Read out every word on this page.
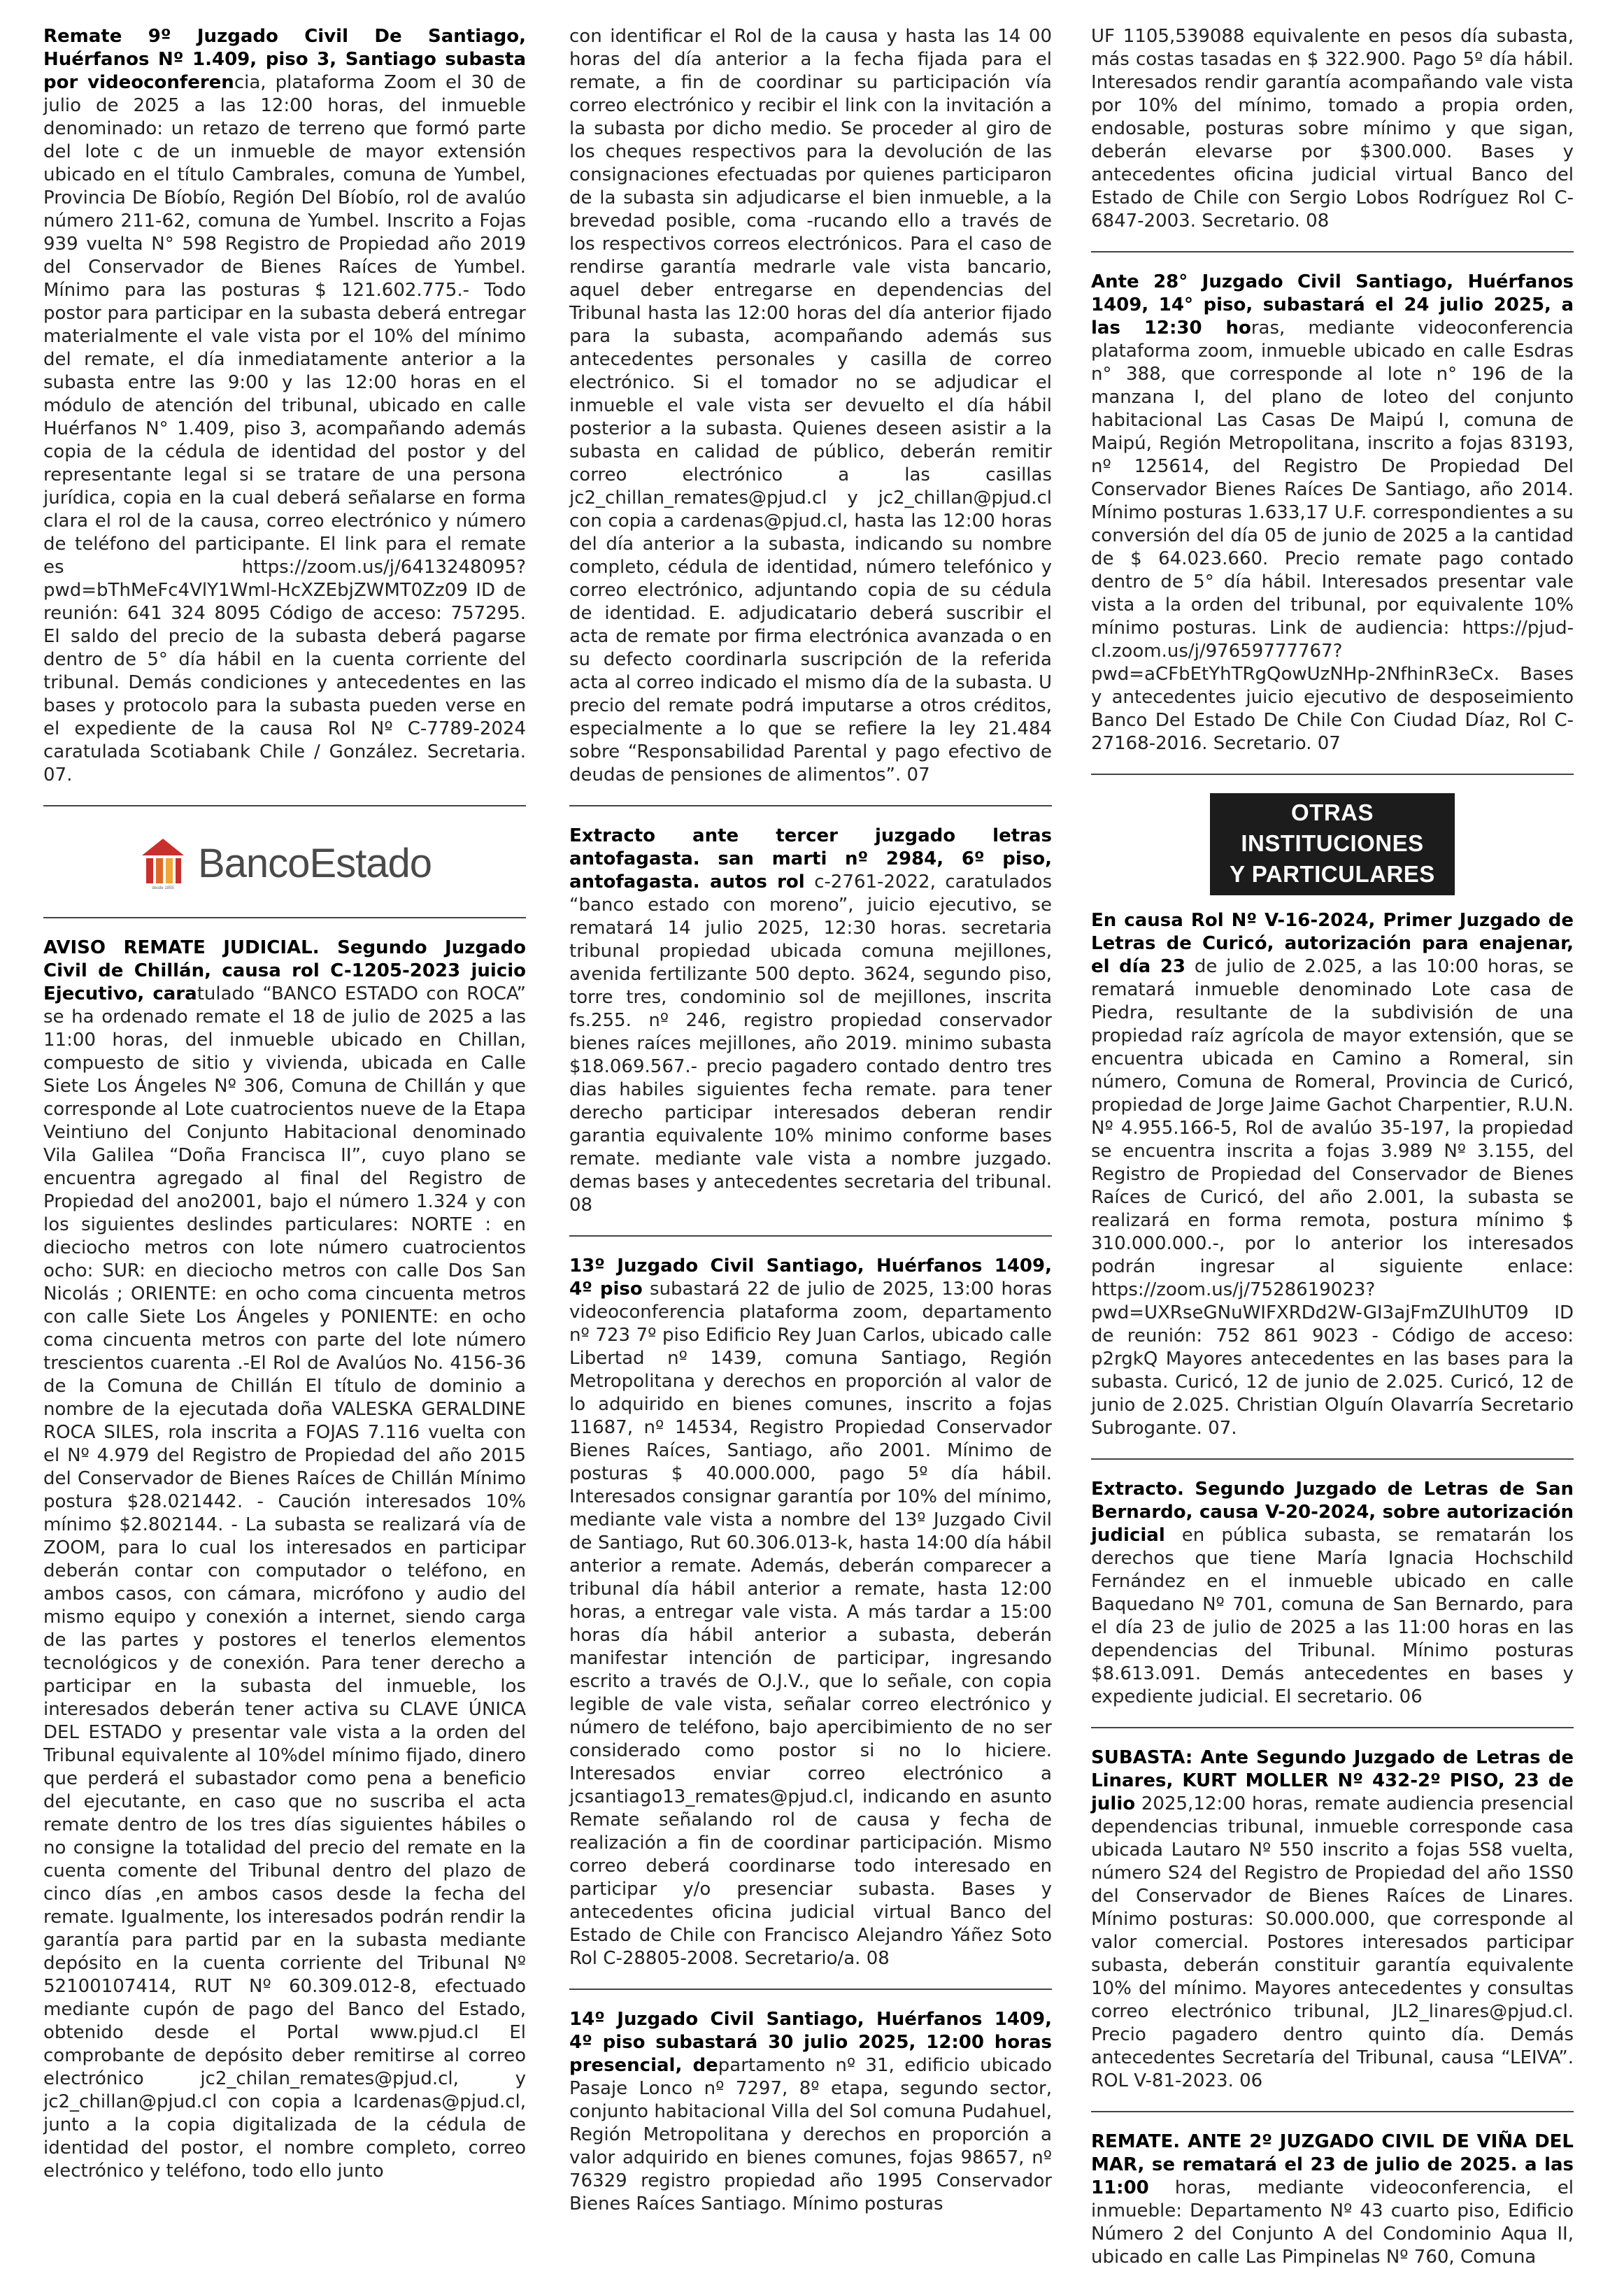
Remate 9º Juzgado Civil De Santiago, Huérfanos Nº 1.409, piso 3, Santiago subasta por videoconferencia, plataforma Zoom el 30 de julio de 2025 a las 12:00 horas, del inmueble denominado: un retazo de terreno que formó parte del lote c de un inmueble de mayor extensión ubicado en el título Cambrales, comuna de Yumbel, Provincia De Bíobío, Región Del Bíobío, rol de avalúo número 211-62, comuna de Yumbel. Inscrito a Fojas 939 vuelta N° 598 Registro de Propiedad año 2019 del Conservador de Bienes Raíces de Yumbel. Mínimo para las posturas $ 121.602.775.- Todo postor para participar en la subasta deberá entregar materialmente el vale vista por el 10% del mínimo del remate, el día inmediatamente anterior a la subasta entre las 9:00 y las 12:00 horas en el módulo de atención del tribunal, ubicado en calle Huérfanos N° 1.409, piso 3, acompañando además copia de la cédula de identidad del postor y del representante legal si se tratare de una persona jurídica, copia en la cual deberá señalarse en forma clara el rol de la causa, correo electrónico y número de teléfono del participante. El link para el remate es https://zoom.us/j/6413248095?pwd=bThMeFc4VlY1Wml-HcXZEbjZWMT0Zz09 ID de reunión: 641 324 8095 Código de acceso: 757295. El saldo del precio de la subasta deberá pagarse dentro de 5° día hábil en la cuenta corriente del tribunal. Demás condiciones y antecedentes en las bases y protocolo para la subasta pueden verse en el expediente de la causa Rol Nº C-7789-2024 caratulada Scotiabank Chile / González. Secretaria. 07.

desde 1855
BancoEstado

AVISO REMATE JUDICIAL. Segundo Juzgado Civil de Chillán, causa rol C-1205-2023 juicio Ejecutivo, caratulado “BANCO ESTADO con ROCA” se ha ordenado remate el 18 de julio de 2025 a las 11:00 horas, del inmueble ubicado en Chillan, compuesto de sitio y vivienda, ubicada en Calle Siete Los Ángeles Nº 306, Comuna de Chillán y que corresponde al Lote cuatrocientos nueve de la Etapa Veintiuno del Conjunto Habitacional denominado Vila Galilea “Doña Francisca II”, cuyo plano se encuentra agregado al final del Registro de Propiedad del ano2001, bajo el número 1.324 y con los siguientes deslindes particulares: NORTE : en dieciocho metros con lote número cuatrocientos ocho: SUR: en dieciocho metros con calle Dos San Nicolás ; ORIENTE: en ocho coma cincuenta metros con calle Siete Los Ángeles y PONIENTE: en ocho coma cincuenta metros con parte del lote número trescientos cuarenta .-El Rol de Avalúos No. 4156-36 de la Comuna de Chillán El título de dominio a nombre de la ejecutada doña VALESKA GERALDINE ROCA SILES, rola inscrita a FOJAS 7.116 vuelta con el Nº 4.979 del Registro de Propiedad del año 2015 del Conservador de Bienes Raíces de Chillán Mínimo postura $28.021442. - Caución interesados 10% mínimo $2.802144. - La subasta se realizará vía de ZOOM, para lo cual los interesados en participar deberán contar con computador o teléfono, en ambos casos, con cámara, micrófono y audio del mismo equipo y conexión a internet, siendo carga de las partes y postores el tenerlos elementos tecnológicos y de conexión. Para tener derecho a participar en la subasta del inmueble, los interesados deberán tener activa su CLAVE ÚNICA DEL ESTADO y presentar vale vista a la orden del Tribunal equivalente al 10%del mínimo fijado, dinero que perderá el subastador como pena a beneficio del ejecutante, en caso que no suscriba el acta remate dentro de los tres días siguientes hábiles o no consigne la totalidad del precio del remate en la cuenta comente del Tribunal dentro del plazo de cinco días ,en ambos casos desde la fecha del remate. Igualmente, los interesados podrán rendir la garantía para partid par en la subasta mediante depósito en la cuenta corriente del Tribunal Nº 52100107414, RUT Nº 60.309.012-8, efectuado mediante cupón de pago del Banco del Estado, obtenido desde el Portal www.pjud.cl El comprobante de depósito deber remitirse al correo electrónico jc2_chilan_remates@pjud.cl, y jc2_chillan@pjud.cl con copia a lcardenas@pjud.cl, junto a la copia digitalizada de la cédula de identidad del postor, el nombre completo, correo electrónico y teléfono, todo ello junto

con identificar el Rol de la causa y hasta las 14 00 horas del día anterior a la fecha fijada para el remate, a fin de coordinar su participación vía correo electrónico y recibir el link con la invitación a la subasta por dicho medio. Se proceder al giro de los cheques respectivos para la devolución de las consignaciones efectuadas por quienes participaron de la subasta sin adjudicarse el bien inmueble, a la brevedad posible, coma -rucando ello a través de los respectivos correos electrónicos. Para el caso de rendirse garantía medrarle vale vista bancario, aquel deber entregarse en dependencias del Tribunal hasta las 12:00 horas del día anterior fijado para la subasta, acompañando además sus antecedentes personales y casilla de correo electrónico. Si el tomador no se adjudicar el inmueble el vale vista ser devuelto el día hábil posterior a la subasta. Quienes deseen asistir a la subasta en calidad de público, deberán remitir correo electrónico a las casillas jc2_chillan_remates@pjud.cl y jc2_chillan@pjud.cl con copia a cardenas@pjud.cl, hasta las 12:00 horas del día anterior a la subasta, indicando su nombre completo, cédula de identidad, número telefónico y correo electrónico, adjuntando copia de su cédula de identidad. E. adjudicatario deberá suscribir el acta de remate por firma electrónica avanzada o en su defecto coordinarla suscripción de la referida acta al correo indicado el mismo día de la subasta. U precio del remate podrá imputarse a otros créditos, especialmente a lo que se refiere la ley 21.484 sobre “Responsabilidad Parental y pago efectivo de deudas de pensiones de alimentos”. 07

Extracto ante tercer juzgado letras antofagasta. san marti nº 2984, 6º piso, antofagasta. autos rol c-2761-2022, caratulados “banco estado con moreno”, juicio ejecutivo, se rematará 14 julio 2025, 12:30 horas. secretaria tribunal propiedad ubicada comuna mejillones, avenida fertilizante 500 depto. 3624, segundo piso, torre tres, condominio sol de mejillones, inscrita fs.255. nº 246, registro propiedad conservador bienes raíces mejillones, año 2019. minimo subasta $18.069.567.- precio pagadero contado dentro tres dias habiles siguientes fecha remate. para tener derecho participar interesados deberan rendir garantia equivalente 10% minimo conforme bases remate. mediante vale vista a nombre juzgado. demas bases y antecedentes secretaria del tribunal. 08

13º Juzgado Civil Santiago, Huérfanos 1409, 4º piso subastará 22 de julio de 2025, 13:00 horas videoconferencia plataforma zoom, departamento nº 723 7º piso Edificio Rey Juan Carlos, ubicado calle Libertad nº 1439, comuna Santiago, Región Metropolitana y derechos en proporción al valor de lo adquirido en bienes comunes, inscrito a fojas 11687, nº 14534, Registro Propiedad Conservador Bienes Raíces, Santiago, año 2001. Mínimo de posturas $ 40.000.000, pago 5º día hábil. Interesados consignar garantía por 10% del mínimo, mediante vale vista a nombre del 13º Juzgado Civil de Santiago, Rut 60.306.013-k, hasta 14:00 día hábil anterior a remate. Además, deberán comparecer a tribunal día hábil anterior a remate, hasta 12:00 horas, a entregar vale vista. A más tardar a 15:00 horas día hábil anterior a subasta, deberán manifestar intención de participar, ingresando escrito a través de O.J.V., que lo señale, con copia legible de vale vista, señalar correo electrónico y número de teléfono, bajo apercibimiento de no ser considerado como postor si no lo hiciere. Interesados enviar correo electrónico a jcsantiago13_remates@pjud.cl, indicando en asunto Remate señalando rol de causa y fecha de realización a fin de coordinar participación. Mismo correo deberá coordinarse todo interesado en participar y/o presenciar subasta. Bases y antecedentes oficina judicial virtual Banco del Estado de Chile con Francisco Alejandro Yáñez Soto Rol C-28805-2008. Secretario/a. 08

14º Juzgado Civil Santiago, Huérfanos 1409, 4º piso subastará 30 julio 2025, 12:00 horas presencial, departamento nº 31, edificio ubicado Pasaje Lonco nº 7297, 8º etapa, segundo sector, conjunto habitacional Villa del Sol comuna Pudahuel, Región Metropolitana y derechos en proporción a valor adquirido en bienes comunes, fojas 98657, nº 76329 registro propiedad año 1995 Conservador Bienes Raíces Santiago. Mínimo posturas

UF 1105,539088 equivalente en pesos día subasta, más costas tasadas en $ 322.900. Pago 5º día hábil. Interesados rendir garantía acompañando vale vista por 10% del mínimo, tomado a propia orden, endosable, posturas sobre mínimo y que sigan, deberán elevarse por $300.000. Bases y antecedentes oficina judicial virtual Banco del Estado de Chile con Sergio Lobos Rodríguez Rol C-6847-2003. Secretario. 08

Ante 28° Juzgado Civil Santiago, Huérfanos 1409, 14° piso, subastará el 24 julio 2025, a las 12:30 horas, mediante videoconferencia plataforma zoom, inmueble ubicado en calle Esdras n° 388, que corresponde al lote n° 196 de la manzana I, del plano de loteo del conjunto habitacional Las Casas De Maipú I, comuna de Maipú, Región Metropolitana, inscrito a fojas 83193, nº 125614, del Registro De Propiedad Del Conservador Bienes Raíces De Santiago, año 2014. Mínimo posturas 1.633,17 U.F. correspondientes a su conversión del día 05 de junio de 2025 a la cantidad de $ 64.023.660. Precio remate pago contado dentro de 5° día hábil. Interesados presentar vale vista a la orden del tribunal, por equivalente 10% mínimo posturas. Link de audiencia: https://pjud-cl.zoom.us/j/97659777767?pwd=aCFbEtYhTRgQowUzNHp-2NfhinR3eCx. Bases y antecedentes juicio ejecutivo de desposeimiento Banco Del Estado De Chile Con Ciudad Díaz, Rol C-27168-2016. Secretario. 07

OTRAS INSTITUCIONES
Y PARTICULARES

En causa Rol Nº V-16-2024, Primer Juzgado de Letras de Curicó, autorización para enajenar, el día 23 de julio de 2.025, a las 10:00 horas, se rematará inmueble denominado Lote casa de Piedra, resultante de la subdivisión de una propiedad raíz agrícola de mayor extensión, que se encuentra ubicada en Camino a Romeral, sin número, Comuna de Romeral, Provincia de Curicó, propiedad de Jorge Jaime Gachot Charpentier, R.U.N. Nº 4.955.166-5, Rol de avalúo 35-197, la propiedad se encuentra inscrita a fojas 3.989 Nº 3.155, del Registro de Propiedad del Conservador de Bienes Raíces de Curicó, del año 2.001, la subasta se realizará en forma remota, postura mínimo $ 310.000.000.-, por lo anterior los interesados podrán ingresar al siguiente enlace: https://zoom.us/j/7528619023?pwd=UXRseGNuWIFXRDd2W-GI3ajFmZUIhUT09 ID de reunión: 752 861 9023 - Código de acceso: p2rgkQ Mayores antecedentes en las bases para la subasta. Curicó, 12 de junio de 2.025. Curicó, 12 de junio de 2.025. Christian Olguín Olavarría Secretario Subrogante. 07.

Extracto. Segundo Juzgado de Letras de San Bernardo, causa V-20-2024, sobre autorización judicial en pública subasta, se rematarán los derechos que tiene María Ignacia Hochschild Fernández en el inmueble ubicado en calle Baquedano Nº 701, comuna de San Bernardo, para el día 23 de julio de 2025 a las 11:00 horas en las dependencias del Tribunal. Mínimo posturas $8.613.091. Demás antecedentes en bases y expediente judicial. El secretario. 06

SUBASTA: Ante Segundo Juzgado de Letras de Linares, KURT MOLLER Nº 432-2º PISO, 23 de julio 2025,12:00 horas, remate audiencia presencial dependencias tribunal, inmueble corresponde casa ubicada Lautaro Nº 550 inscrito a fojas 5S8 vuelta, número S24 del Registro de Propiedad del año 1SS0 del Conservador de Bienes Raíces de Linares. Mínimo posturas: S0.000.000, que corresponde al valor comercial. Postores interesados participar subasta, deberán constituir garantía equivalente 10% del mínimo. Mayores antecedentes y consultas correo electrónico tribunal, JL2_linares@pjud.cl. Precio pagadero dentro quinto día. Demás antecedentes Secretaría del Tribunal, causa “LEIVA”. ROL V-81-2023. 06

REMATE. ANTE 2º JUZGADO CIVIL DE VIÑA DEL MAR, se rematará el 23 de julio de 2025. a las 11:00 horas, mediante videoconferencia, el inmueble: Departamento Nº 43 cuarto piso, Edificio Número 2 del Conjunto A del Condominio Aqua II, ubicado en calle Las Pimpinelas Nº 760, Comuna
